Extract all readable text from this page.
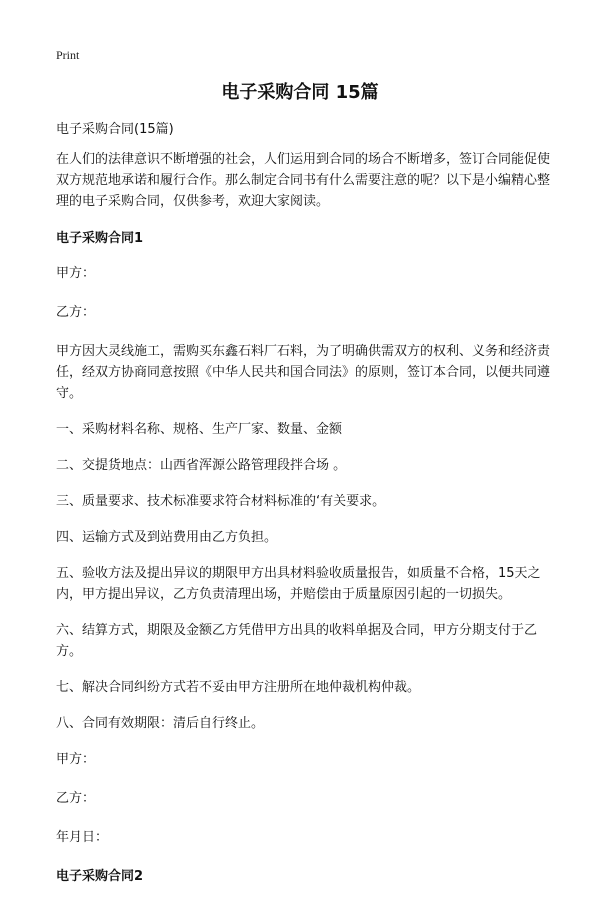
Print
电子采购合同 15篇

电子采购合同(15篇)

在人们的法律意识不断增强的社会，人们运用到合同的场合不断增多，签订合同能促使双方规范地承诺和履行合作。那么制定合同书有什么需要注意的呢？以下是小编精心整理的电子采购合同，仅供参考，欢迎大家阅读。

电子采购合同1

甲方：

乙方：

甲方因大灵线施工，需购买东鑫石料厂石料，为了明确供需双方的权利、义务和经济责任，经双方协商同意按照《中华人民共和国合同法》的原则，签订本合同，以便共同遵守。

一、采购材料名称、规格、生产厂家、数量、金额

二、交提货地点：山西省浑源公路管理段拌合场 。

三、质量要求、技术标准要求符合材料标准的‘有关要求。

四、运输方式及到站费用由乙方负担。

五、验收方法及提出异议的期限甲方出具材料验收质量报告，如质量不合格，15天之内，甲方提出异议，乙方负责清理出场，并赔偿由于质量原因引起的一切损失。

六、结算方式，期限及金额乙方凭借甲方出具的收料单据及合同，甲方分期支付于乙方。

七、解决合同纠纷方式若不妥由甲方注册所在地仲裁机构仲裁。

八、合同有效期限：清后自行终止。

甲方：

乙方：

年月日：

电子采购合同2
